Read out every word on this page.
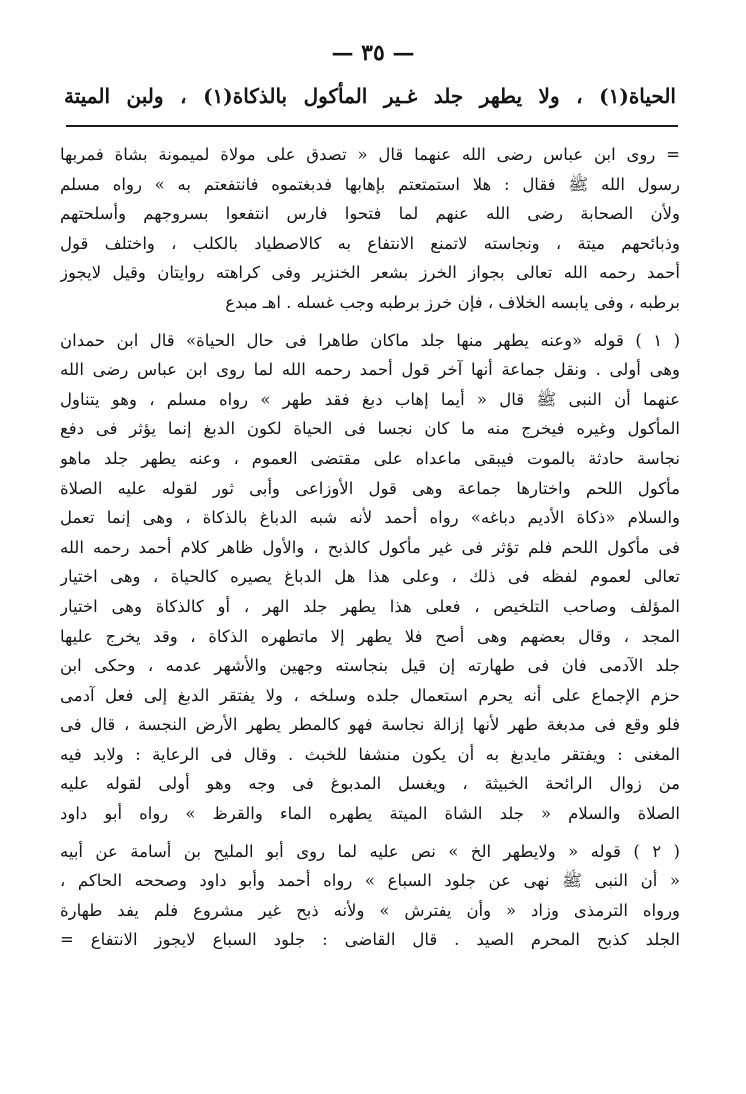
— ٣٥ —
الحياة(١) ، ولا يطهر جلد غـير المأكول بالذكاة(١) ، ولبن الميتة
= روى ابن عباس رضى الله عنهما قال « تصدق على مولاة لميمونة بشاة فمربها
رسول الله ﷺ فقال : هلا استمتعتم بإهابها فدبغتموه فانتفعتم به » رواه مسلم
ولأن الصحابة رضى الله عنهم لما فتحوا فارس انتفعوا بسروجهم وأسلحتهم
وذبائحهم ميتة ، ونجاسته لاتمنع الانتفاع به كالاصطياد بالكلب ، واختلف قول
أحمد رحمه الله تعالى بجواز الخرز بشعر الخنزير وفى كراهته روايتان وقيل لايجوز
برطبه ، وفى يابسه الخلاف ، فإن خرز برطبه وجب غسله . اهـ مبدع
( ١ ) قوله «وعنه يطهر منها جلد ماكان طاهرا فى حال الحياة» قال ابن حمدان
وهى أولى . ونقل جماعة أنها آخر قول أحمد رحمه الله لما روى ابن عباس رضى الله
عنهما أن النبى ﷺ قال « أيما إهاب دبغ فقد طهر » رواه مسلم ، وهو يتناول
المأكول وغيره فيخرج منه ما كان نجسا فى الحياة لكون الدبغ إنما يؤثر فى دفع
نجاسة حادثة بالموت فيبقى ماعداه على مقتضى العموم ، وعنه يطهر جلد ماهو
مأكول اللحم واختارها جماعة وهى قول الأوزاعى وأبى ثور لقوله عليه الصلاة
والسلام «ذكاة الأديم دباغه» رواه أحمد لأنه شبه الدباغ بالذكاة ، وهى إنما تعمل
فى مأكول اللحم فلم تؤثر فى غير مأكول كالذبح ، والأول ظاهر كلام أحمد رحمه الله
تعالى لعموم لفظه فى ذلك ، وعلى هذا هل الدباغ يصيره كالحياة ، وهى اختيار
المؤلف وصاحب التلخيص ، فعلى هذا يطهر جلد الهر ، أو كالذكاة وهى اختيار
المجد ، وقال بعضهم وهى أصح فلا يطهر إلا ماتطهره الذكاة ، وقد يخرج عليها
جلد الآدمى فان فى طهارته إن قيل بنجاسته وجهين والأشهر عدمه ، وحكى ابن
حزم الإجماع على أنه يحرم استعمال جلده وسلخه ، ولا يفتقر الدبغ إلى فعل آدمى
فلو وقع فى مدبغة طهر لأنها إزالة نجاسة فهو كالمطر يطهر الأرض النجسة ، قال فى
المغنى : ويفتقر مايدبغ به أن يكون منشفا للخبث . وقال فى الرعاية : ولابد فيه
من زوال الرائحة الخبيثة ، ويغسل المدبوغ فى وجه وهو أولى لقوله عليه
الصلاة والسلام « جلد الشاة الميتة يطهره الماء والقرظ » رواه أبو داود
( ٢ ) قوله « ولايطهر الخ » نص عليه لما روى أبو المليح بن أسامة عن أبيه
« أن النبى ﷺ نهى عن جلود السباع » رواه أحمد وأبو داود وصححه الحاكم ،
ورواه الترمذى وزاد « وأن يفترش » ولأنه ذبح غير مشروع فلم يفد طهارة
الجلد كذبح المحرم الصيد . قال القاضى : جلود السباع لايجوز الانتفاع =
